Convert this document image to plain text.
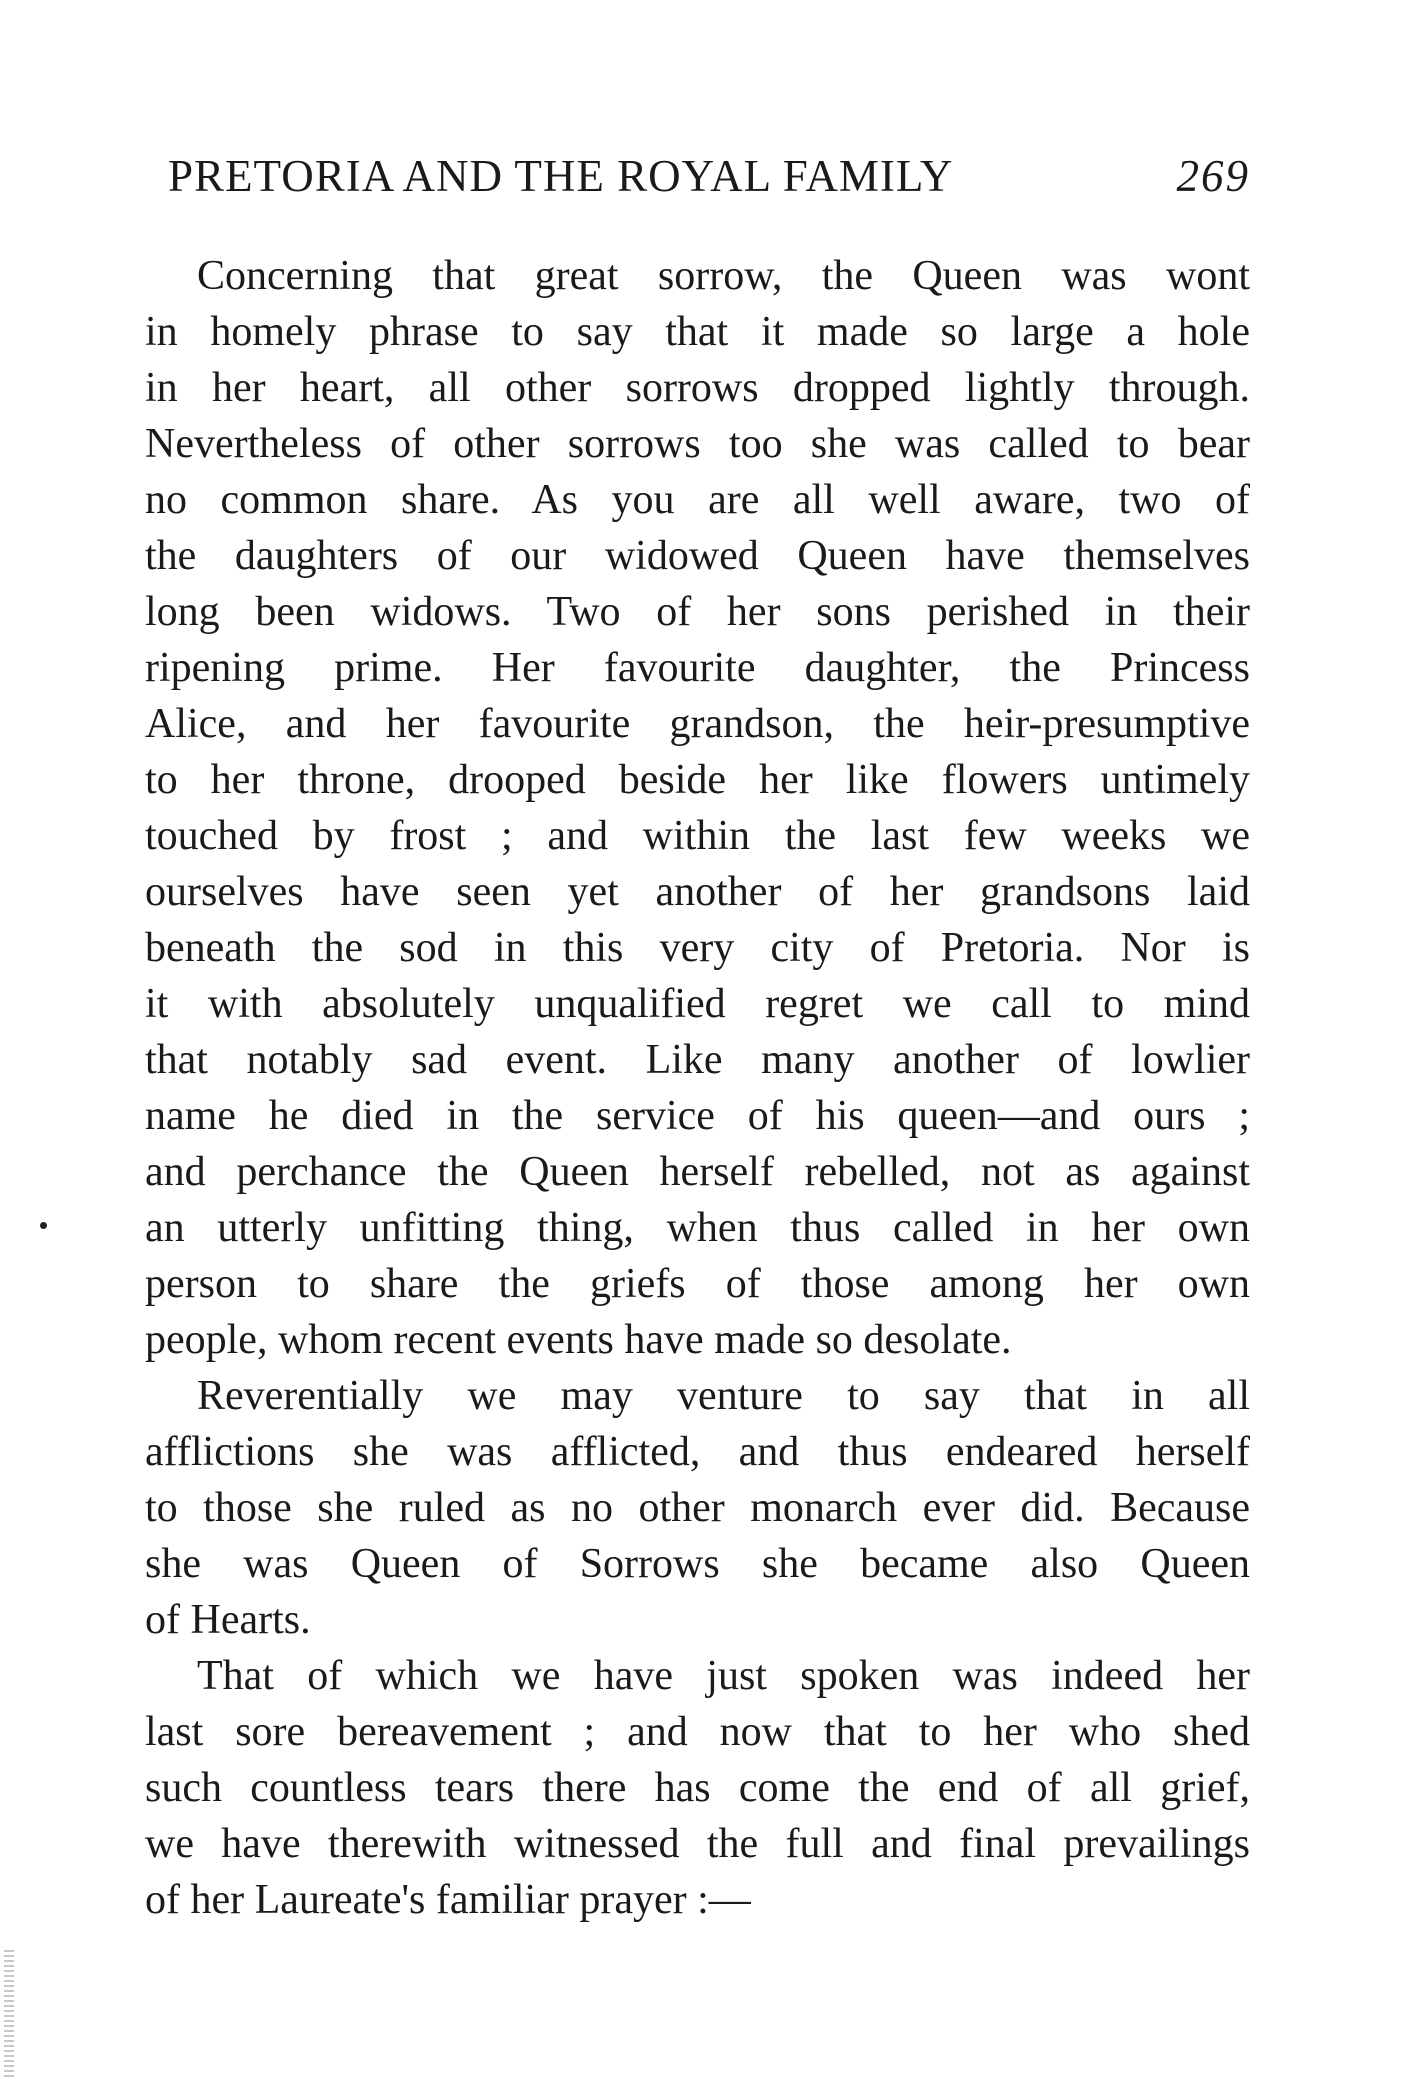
PRETORIA AND THE ROYAL FAMILY	269

Concerning that great sorrow, the Queen was wont
in homely phrase to say that it made so large a hole
in her heart, all other sorrows dropped lightly through.
Nevertheless of other sorrows too she was called to bear
no common share. As you are all well aware, two of
the daughters of our widowed Queen have themselves
long been widows. Two of her sons perished in their
ripening prime. Her favourite daughter, the Princess
Alice, and her favourite grandson, the heir-presumptive
to her throne, drooped beside her like flowers untimely
touched by frost ; and within the last few weeks we
ourselves have seen yet another of her grandsons laid
beneath the sod in this very city of Pretoria. Nor is
it with absolutely unqualified regret we call to mind
that notably sad event. Like many another of lowlier
name he died in the service of his queen—and ours ;
and perchance the Queen herself rebelled, not as against
an utterly unfitting thing, when thus called in her own
person to share the griefs of those among her own
people, whom recent events have made so desolate.

Reverentially we may venture to say that in all
afflictions she was afflicted, and thus endeared herself
to those she ruled as no other monarch ever did. Because
she was Queen of Sorrows she became also Queen
of Hearts.

That of which we have just spoken was indeed her
last sore bereavement ; and now that to her who shed
such countless tears there has come the end of all grief,
we have therewith witnessed the full and final prevailings
of her Laureate's familiar prayer :—
